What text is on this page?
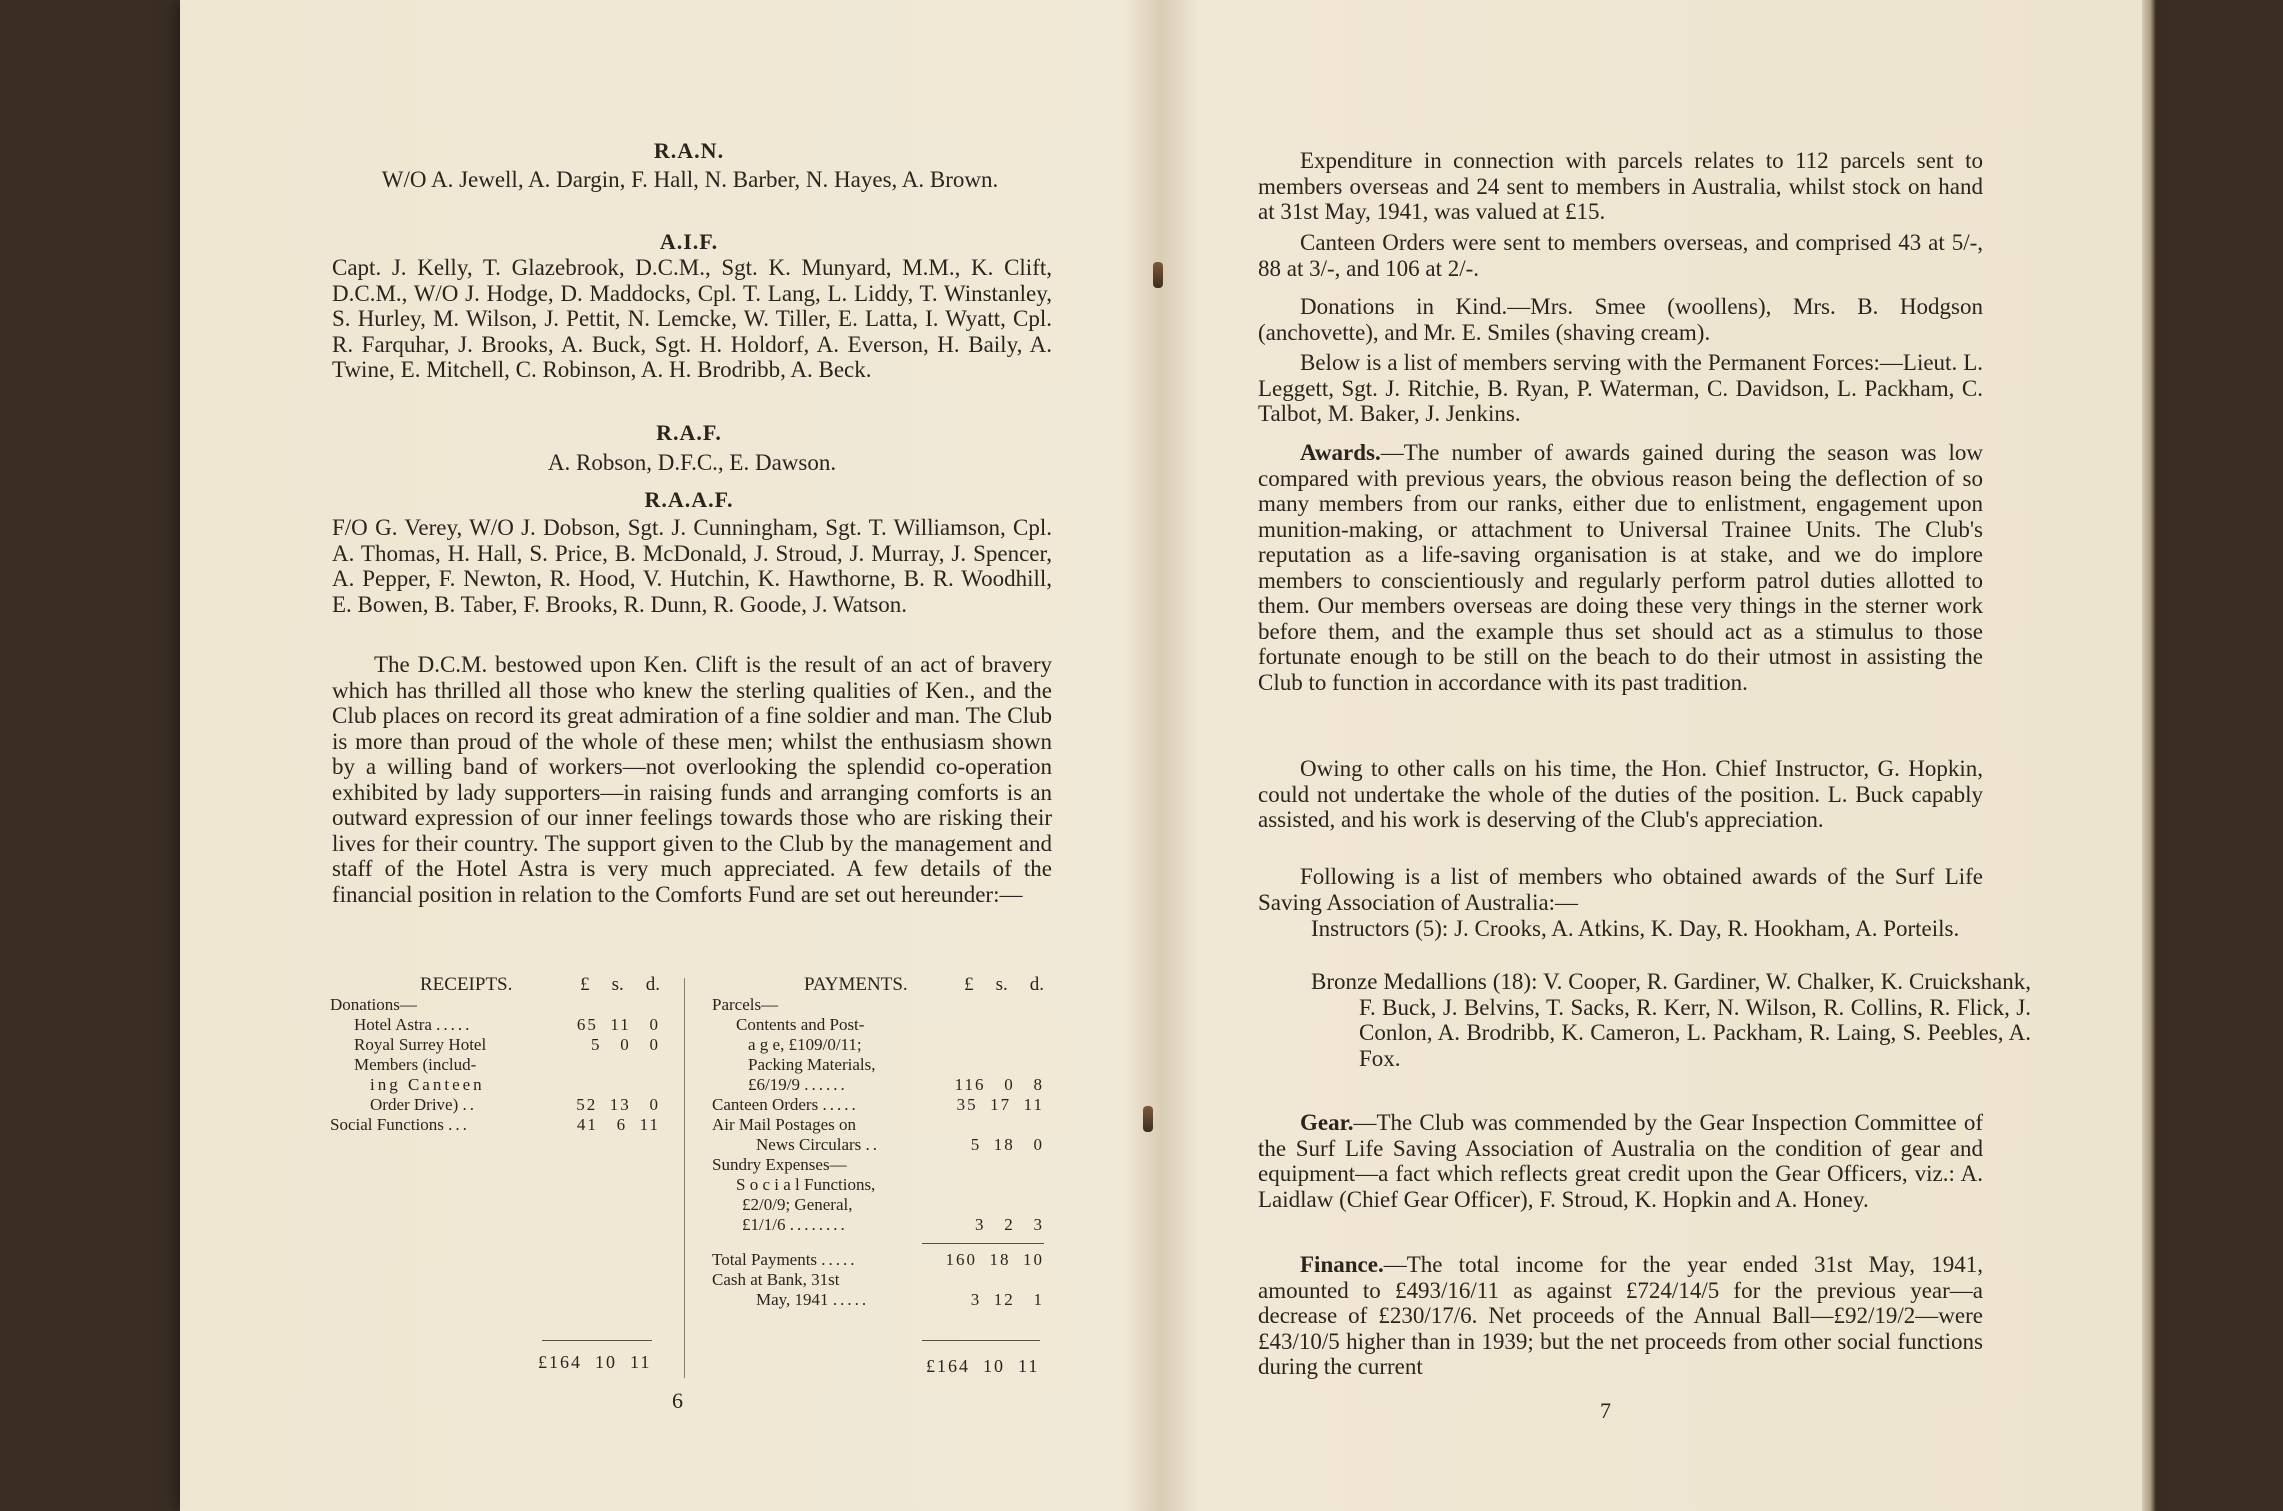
R.A.N.
W/O A. Jewell, A. Dargin, F. Hall, N. Barber, N. Hayes, A. Brown.
A.I.F.
Capt. J. Kelly, T. Glazebrook, D.C.M., Sgt. K. Munyard, M.M., K. Clift, D.C.M., W/O J. Hodge, D. Maddocks, Cpl. T. Lang, L. Liddy, T. Winstanley, S. Hurley, M. Wilson, J. Pettit, N. Lemcke, W. Tiller, E. Latta, I. Wyatt, Cpl. R. Farquhar, J. Brooks, A. Buck, Sgt. H. Holdorf, A. Everson, H. Baily, A. Twine, E. Mitchell, C. Robinson, A. H. Brodribb, A. Beck.
R.A.F.
A. Robson, D.F.C., E. Dawson.
R.A.A.F.
F/O G. Verey, W/O J. Dobson, Sgt. J. Cunningham, Sgt. T. Williamson, Cpl. A. Thomas, H. Hall, S. Price, B. McDonald, J. Stroud, J. Murray, J. Spencer, A. Pepper, F. Newton, R. Hood, V. Hutchin, K. Hawthorne, B. R. Woodhill, E. Bowen, B. Taber, F. Brooks, R. Dunn, R. Goode, J. Watson.
The D.C.M. bestowed upon Ken. Clift is the result of an act of bravery which has thrilled all those who knew the sterling qualities of Ken., and the Club places on record its great admiration of a fine soldier and man. The Club is more than proud of the whole of these men; whilst the enthusiasm shown by a willing band of workers—not overlooking the splendid co-operation exhibited by lady supporters—in raising funds and arranging comforts is an outward expression of our inner feelings towards those who are risking their lives for their country. The support given to the Club by the management and staff of the Hotel Astra is very much appreciated. A few details of the financial position in relation to the Comforts Fund are set out hereunder:—
RECEIPTS.	£ s. d.
Donations—
Hotel Astra .....	65  11   0
Royal Surrey Hotel	5   0   0
Members (includ-
ing Canteen
Order Drive) ..	52  13   0
Social Functions ...	41   6  11
£164  10  11
PAYMENTS.	£ s. d.
Parcels—
Contents and Post-
a g e, £109/0/11;
Packing Materials,
£6/19/9 ......	116   0   8
Canteen Orders .....	35  17  11
Air Mail Postages on
News Circulars ..	5  18   0
Sundry Expenses—
S o c i a l Functions,
£2/0/9; General,
£1/1/6 ........	3   2   3
Total Payments .....	160  18  10
Cash at Bank, 31st
May, 1941 .....	3  12   1
£164  10  11
6
Expenditure in connection with parcels relates to 112 parcels sent to members overseas and 24 sent to members in Australia, whilst stock on hand at 31st May, 1941, was valued at £15.
Canteen Orders were sent to members overseas, and comprised 43 at 5/-, 88 at 3/-, and 106 at 2/-.
Donations in Kind.—Mrs. Smee (woollens), Mrs. B. Hodgson (anchovette), and Mr. E. Smiles (shaving cream).
Below is a list of members serving with the Permanent Forces:—Lieut. L. Leggett, Sgt. J. Ritchie, B. Ryan, P. Waterman, C. Davidson, L. Packham, C. Talbot, M. Baker, J. Jenkins.
Awards.—The number of awards gained during the season was low compared with previous years, the obvious reason being the deflection of so many members from our ranks, either due to enlistment, engagement upon munition-making, or attachment to Universal Trainee Units. The Club's reputation as a life-saving organisation is at stake, and we do implore members to conscientiously and regularly perform patrol duties allotted to them. Our members overseas are doing these very things in the sterner work before them, and the example thus set should act as a stimulus to those fortunate enough to be still on the beach to do their utmost in assisting the Club to function in accordance with its past tradition.
Owing to other calls on his time, the Hon. Chief Instructor, G. Hopkin, could not undertake the whole of the duties of the position. L. Buck capably assisted, and his work is deserving of the Club's appreciation.
Following is a list of members who obtained awards of the Surf Life Saving Association of Australia:—
Instructors (5): J. Crooks, A. Atkins, K. Day, R. Hookham, A. Porteils.
Bronze Medallions (18): V. Cooper, R. Gardiner, W. Chalker, K. Cruickshank, F. Buck, J. Belvins, T. Sacks, R. Kerr, N. Wilson, R. Collins, R. Flick, J. Conlon, A. Brodribb, K. Cameron, L. Packham, R. Laing, S. Peebles, A. Fox.
Gear.—The Club was commended by the Gear Inspection Committee of the Surf Life Saving Association of Australia on the condition of gear and equipment—a fact which reflects great credit upon the Gear Officers, viz.: A. Laidlaw (Chief Gear Officer), F. Stroud, K. Hopkin and A. Honey.
Finance.—The total income for the year ended 31st May, 1941, amounted to £493/16/11 as against £724/14/5 for the previous year—a decrease of £230/17/6. Net proceeds of the Annual Ball—£92/19/2—were £43/10/5 higher than in 1939; but the net proceeds from other social functions during the current
7
